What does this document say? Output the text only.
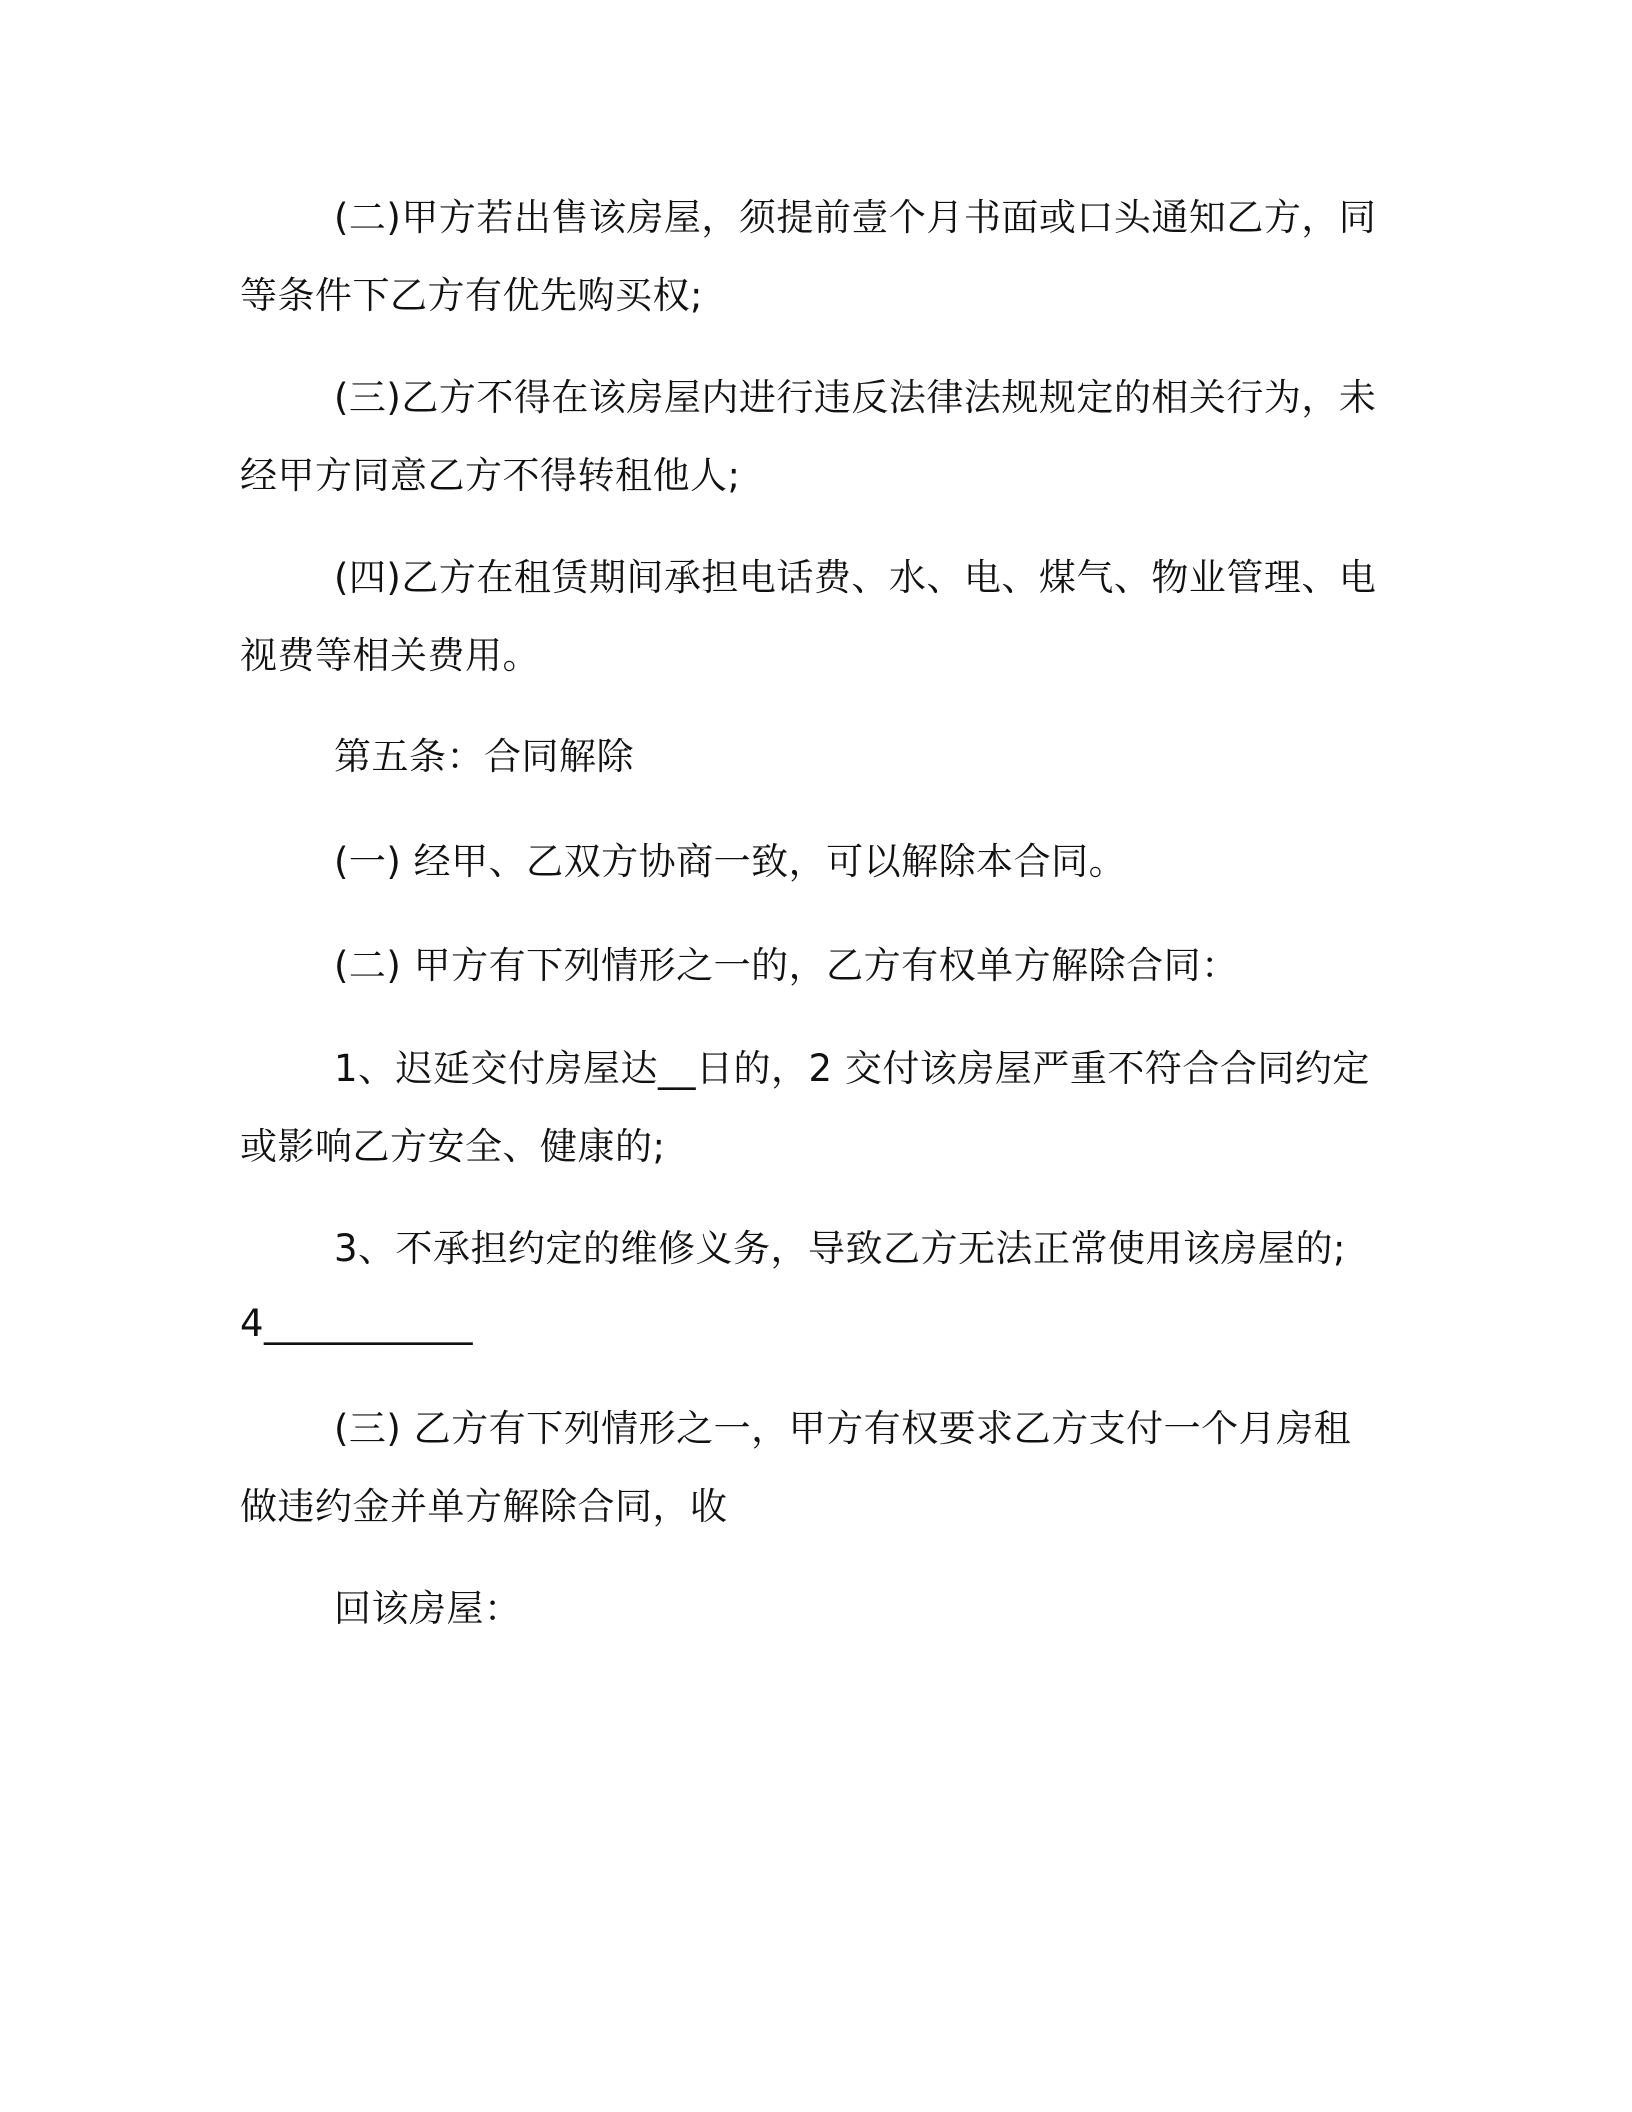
(二)甲方若出售该房屋，须提前壹个月书面或口头通知乙方，同等条件下乙方有优先购买权;

(三)乙方不得在该房屋内进行违反法律法规规定的相关行为，未经甲方同意乙方不得转租他人;

(四)乙方在租赁期间承担电话费、水、电、煤气、物业管理、电视费等相关费用。

第五条：合同解除

(一) 经甲、乙双方协商一致，可以解除本合同。

(二) 甲方有下列情形之一的，乙方有权单方解除合同：

1、迟延交付房屋达__日的，2 交付该房屋严重不符合合同约定或影响乙方安全、健康的;

3、不承担约定的维修义务，导致乙方无法正常使用该房屋的;

4___________

(三) 乙方有下列情形之一，甲方有权要求乙方支付一个月房租做违约金并单方解除合同，收

回该房屋：
